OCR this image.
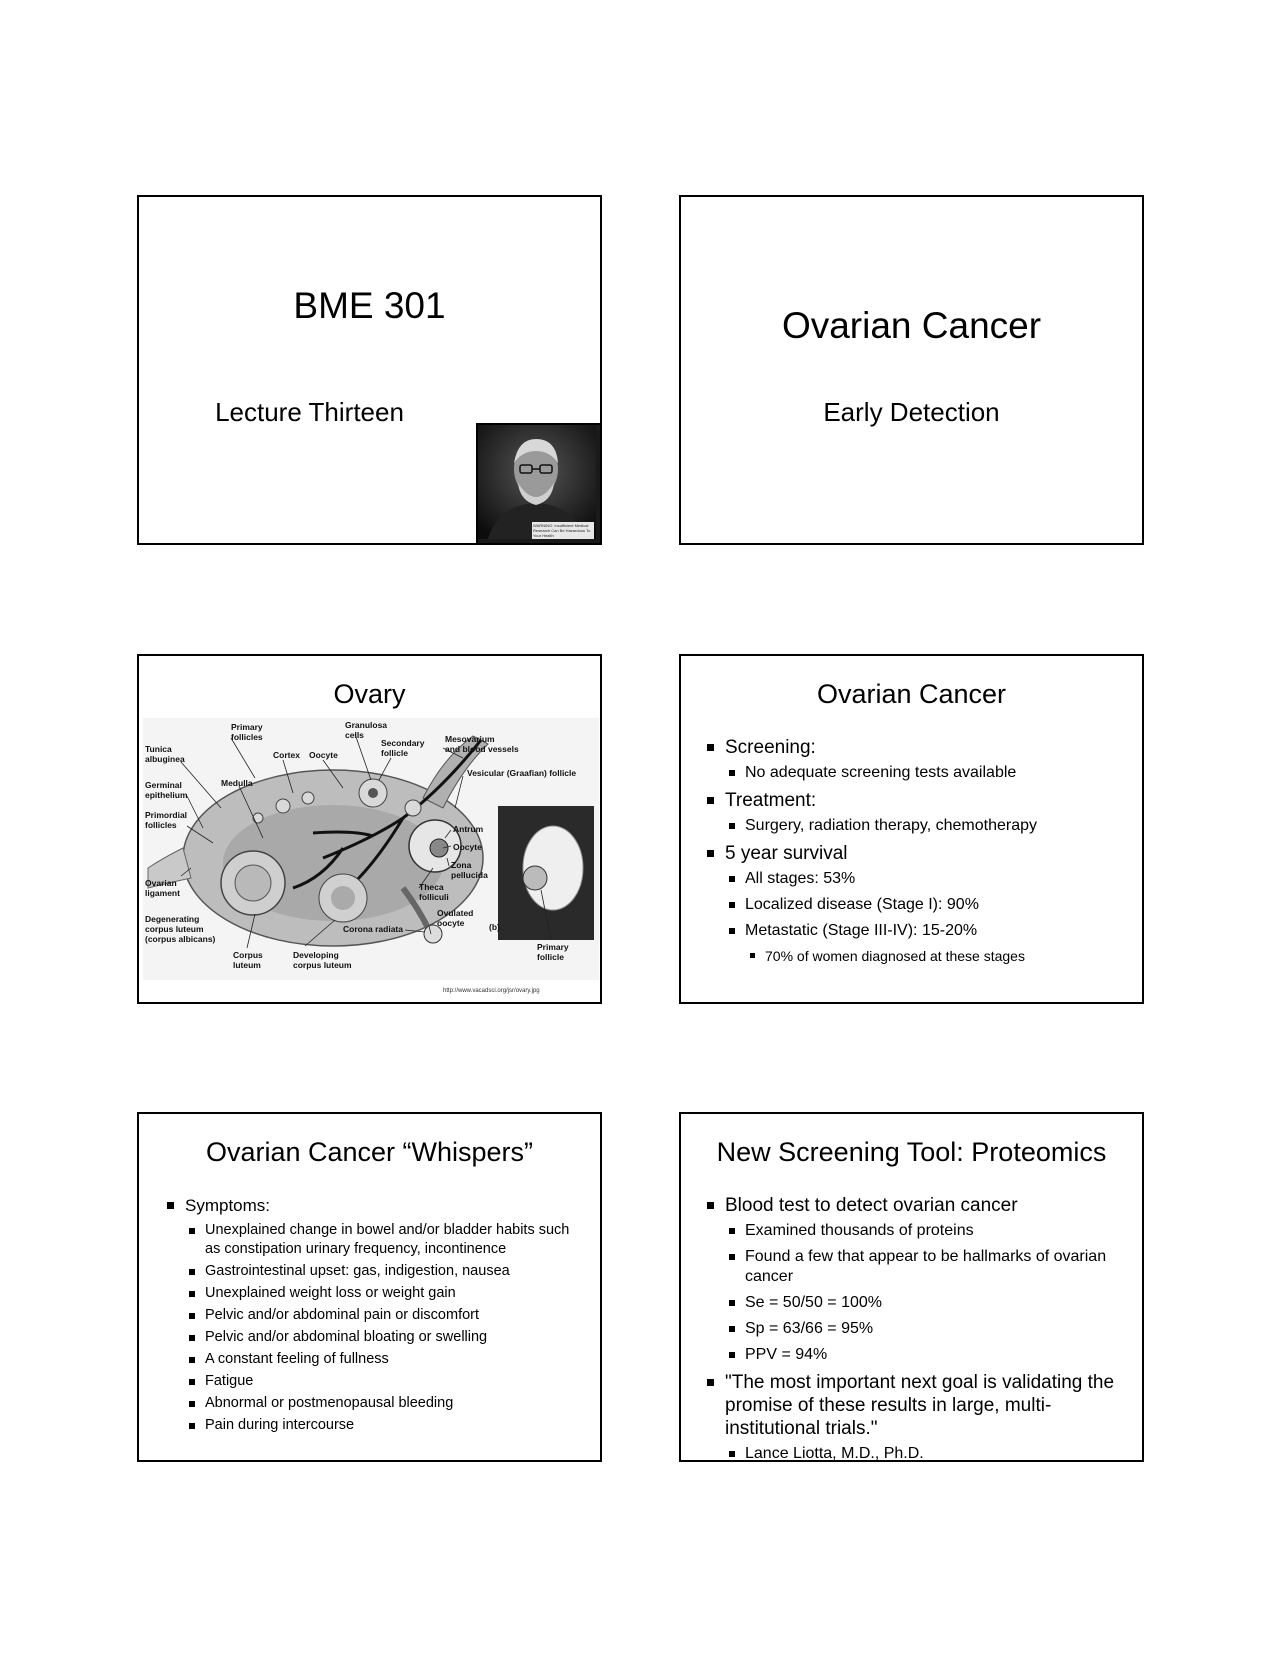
BME 301
Lecture Thirteen
WARNING: Insufficient Medical Research Can Be Hazardous To Your Health
Ovarian Cancer
Early Detection
Ovary
Tunica
albuginea
Germinal
epithelium
Primordial
follicles
Ovarian
ligament
Degenerating
corpus luteum
(corpus albicans)
Primary
follicles
Medulla
Cortex Oocyte
Granulosa
cells
Secondary
follicle
Mesovarium
and blood vessels
Vesicular (Graafian) follicle
Antrum
Oocyte
Zona
pellucida
Theca
folliculi
Ovulated
oocyte
Corona radiata
Corpus
luteum
Developing
corpus luteum
(b)
Primary
follicle
http://www.vacadsci.org/jsr/ovary.jpg
Ovarian Cancer
Screening:
No adequate screening tests available
Treatment:
Surgery, radiation therapy, chemotherapy
5 year survival
All stages: 53%
Localized disease (Stage I): 90%
Metastatic (Stage III-IV): 15-20%
70% of women diagnosed at these stages
Ovarian Cancer “Whispers”
Symptoms:
Unexplained change in bowel and/or bladder habits such as constipation urinary frequency, incontinence
Gastrointestinal upset: gas, indigestion, nausea
Unexplained weight loss or weight gain
Pelvic and/or abdominal pain or discomfort
Pelvic and/or abdominal bloating or swelling
A constant feeling of fullness
Fatigue
Abnormal or postmenopausal bleeding
Pain during intercourse
New Screening Tool: Proteomics
Blood test to detect ovarian cancer
Examined thousands of proteins
Found a few that appear to be hallmarks of ovarian cancer
Se = 50/50 = 100%
Sp = 63/66 = 95%
PPV = 94%
"The most important next goal is validating the promise of these results in large, multi-institutional trials."
Lance Liotta, M.D., Ph.D.
